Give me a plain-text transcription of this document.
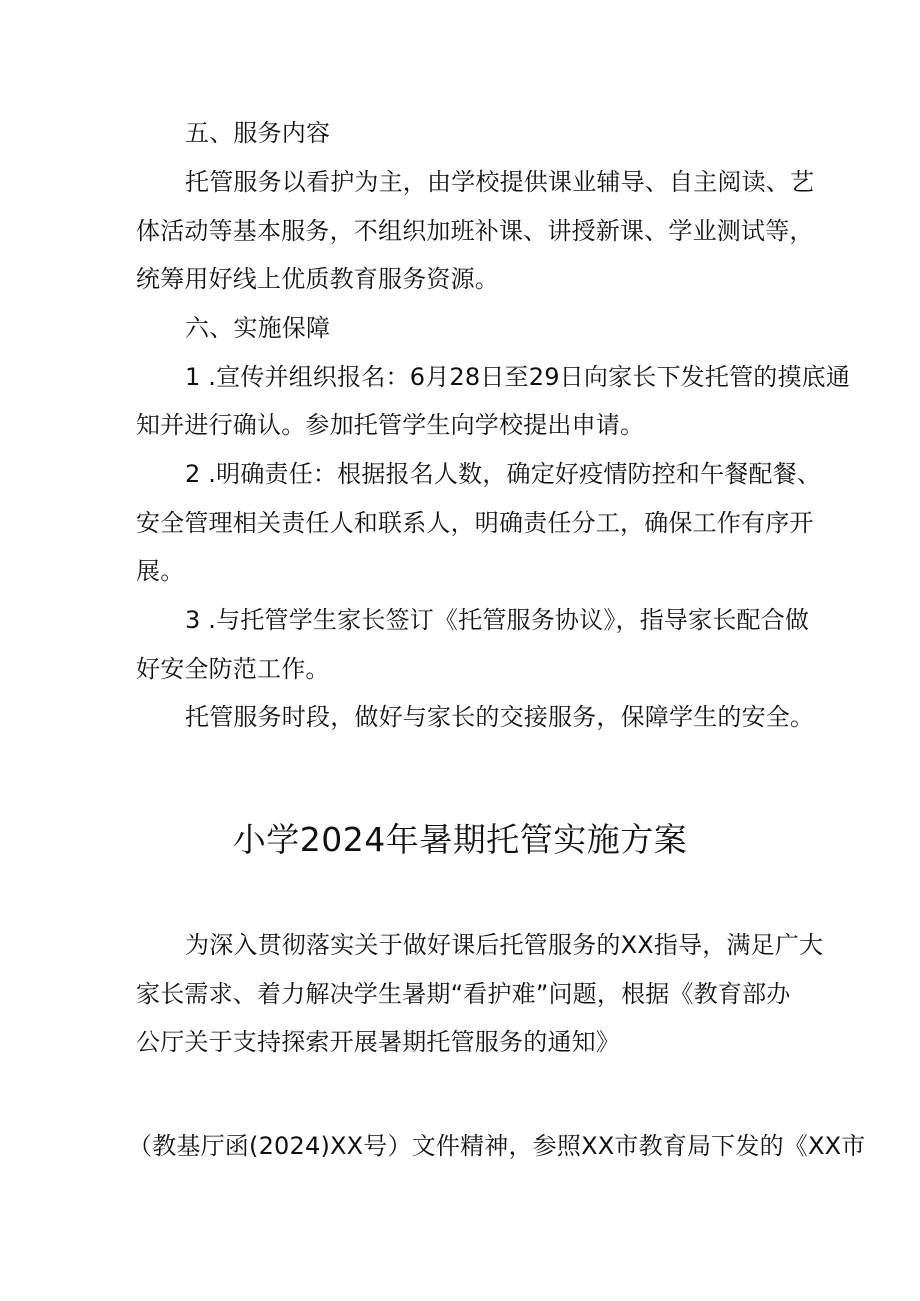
五、服务内容
托管服务以看护为主，由学校提供课业辅导、自主阅读、艺
体活动等基本服务，不组织加班补课、讲授新课、学业测试等，
统筹用好线上优质教育服务资源。
六、实施保障
1 .宣传并组织报名：6月28日至29日向家长下发托管的摸底通
知并进行确认。参加托管学生向学校提出申请。
2 .明确责任：根据报名人数，确定好疫情防控和午餐配餐、
安全管理相关责任人和联系人，明确责任分工，确保工作有序开
展。
3 .与托管学生家长签订《托管服务协议》，指导家长配合做
好安全防范工作。
托管服务时段，做好与家长的交接服务，保障学生的安全。
小学2024年暑期托管实施方案
为深入贯彻落实关于做好课后托管服务的XX指导，满足广大
家长需求、着力解决学生暑期“看护难”问题，根据《教育部办
公厅关于支持探索开展暑期托管服务的通知》
（教基厅函(2024)XX号）文件精神，参照XX市教育局下发的《XX市
